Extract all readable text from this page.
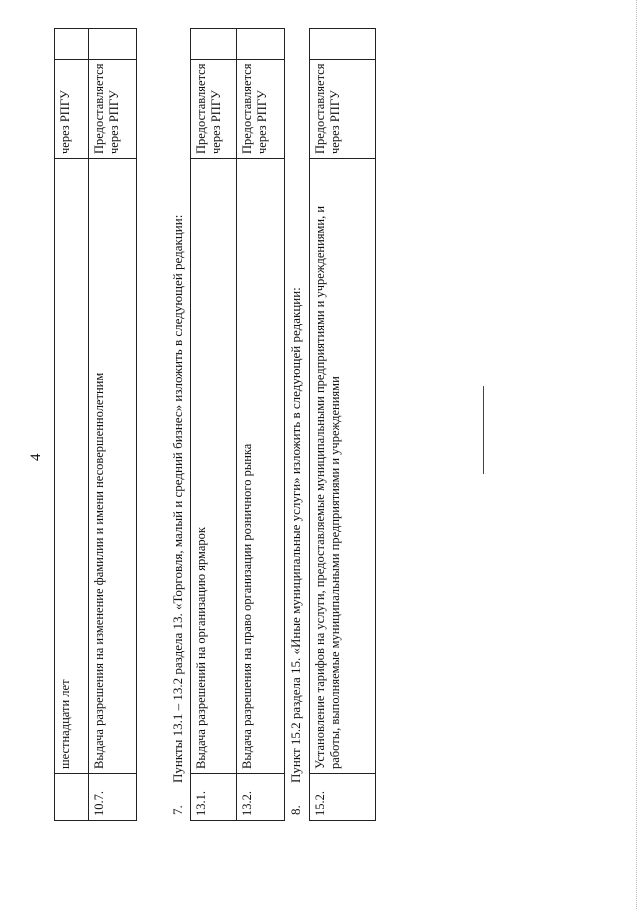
4
	шестнадцати лет	через РПГУ	
10.7.	Выдача разрешения на изменение фамилии и имени несовершеннолетним	Предоставляется через РПГУ	
7.Пункты 13.1 – 13.2 раздела 13. «Торговля, малый и средний бизнес» изложить в следующей редакции:
13.1.	Выдача разрешений на организацию ярмарок	Предоставляется через РПГУ	
13.2.	Выдача разрешения на право организации розничного рынка	Предоставляется через РПГУ	
8.Пункт 15.2 раздела 15. «Иные муниципальные услуги» изложить в следующей редакции:
15.2.	Установление тарифов на услуги, предоставляемые муниципальными предприятиями и учреждениями, и работы, выполняемые муниципальными предприятиями и учреждениями	Предоставляется через РПГУ	
